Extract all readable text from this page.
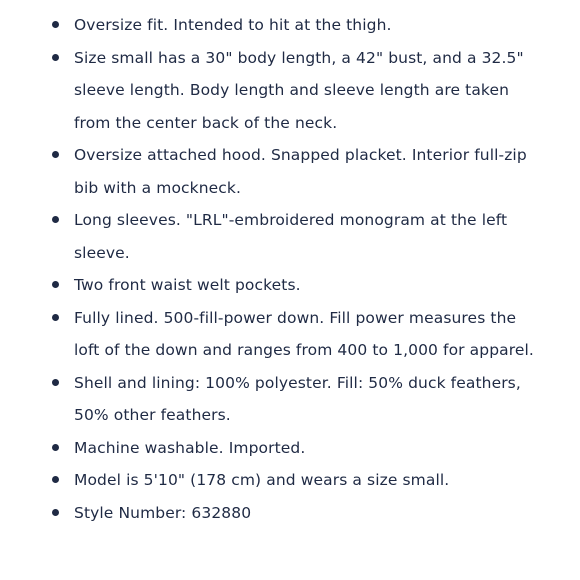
Oversize fit. Intended to hit at the thigh.
Size small has a 30" body length, a 42" bust, and a 32.5" sleeve length. Body length and sleeve length are taken from the center back of the neck.
Oversize attached hood. Snapped placket. Interior full-zip bib with a mockneck.
Long sleeves. "LRL"-embroidered monogram at the left sleeve.
Two front waist welt pockets.
Fully lined. 500-fill-power down. Fill power measures the loft of the down and ranges from 400 to 1,000 for apparel.
Shell and lining: 100% polyester. Fill: 50% duck feathers, 50% other feathers.
Machine washable. Imported.
Model is 5'10" (178 cm) and wears a size small.
Style Number: 632880
